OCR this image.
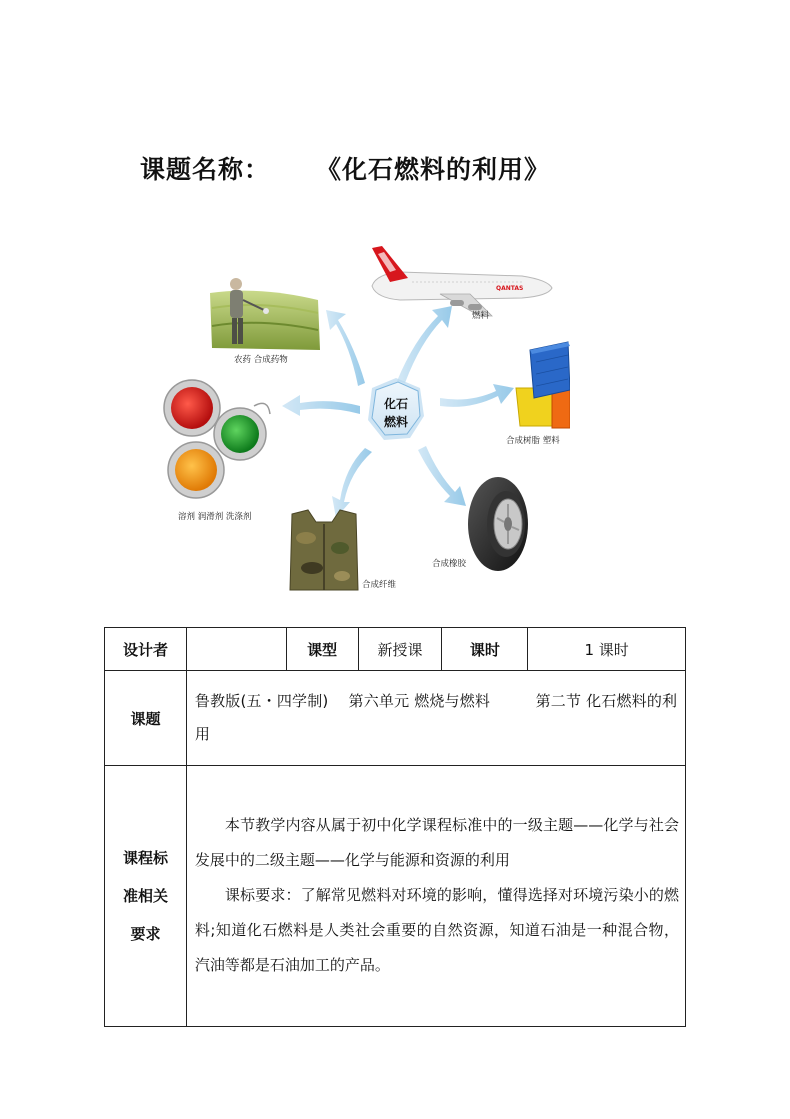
课题名称： 《化石燃料的利用》
化石
燃料
农药 合成药物
QANTAS
燃料
合成树脂 塑料
溶剂 润滑剂 洗涤剂
合成纤维
合成橡胶
设计者		课型	新授课	课时	1 课时
课题	鲁教版(五・四学制)　 第六单元 燃烧与燃料　　　第二节 化石燃料的利用				

课程标准相关要求	本节教学内容从属于初中化学课程标准中的一级主题——化学与社会发展中的二级主题——化学与能源和资源的利用

课标要求：了解常见燃料对环境的影响，懂得选择对环境污染小的燃料;知道化石燃料是人类社会重要的自然资源，知道石油是一种混合物，汽油等都是石油加工的产品。				
